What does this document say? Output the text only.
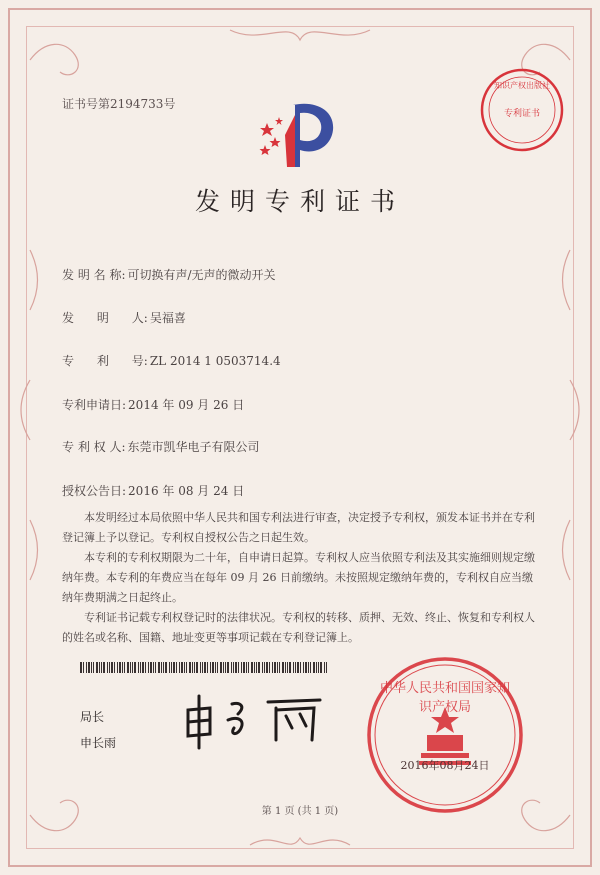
证书号第2194733号
知识产权出版社
专利证书
发明专利证书
发 明 名 称: 可切换有声/无声的微动开关
发      明      人: 吴福喜
专      利      号: ZL 2014 1 0503714.4
专利申请日: 2014 年 09 月 26 日
专 利 权 人: 东莞市凯华电子有限公司
授权公告日: 2016 年 08 月 24 日
本发明经过本局依照中华人民共和国专利法进行审查，决定授予专利权，颁发本证书并在专利登记簿上予以登记。专利权自授权公告之日起生效。
本专利的专利权期限为二十年，自申请日起算。专利权人应当依照专利法及其实施细则规定缴纳年费。本专利的年费应当在每年 09 月 26 日前缴纳。未按照规定缴纳年费的，专利权自应当缴纳年费期满之日起终止。
专利证书记载专利权登记时的法律状况。专利权的转移、质押、无效、终止、恢复和专利权人的姓名或名称、国籍、地址变更等事项记载在专利登记簿上。
局长
申长雨
中华人民共和国国家知识产权局
2016年08月24日
第 1 页 (共 1 页)
